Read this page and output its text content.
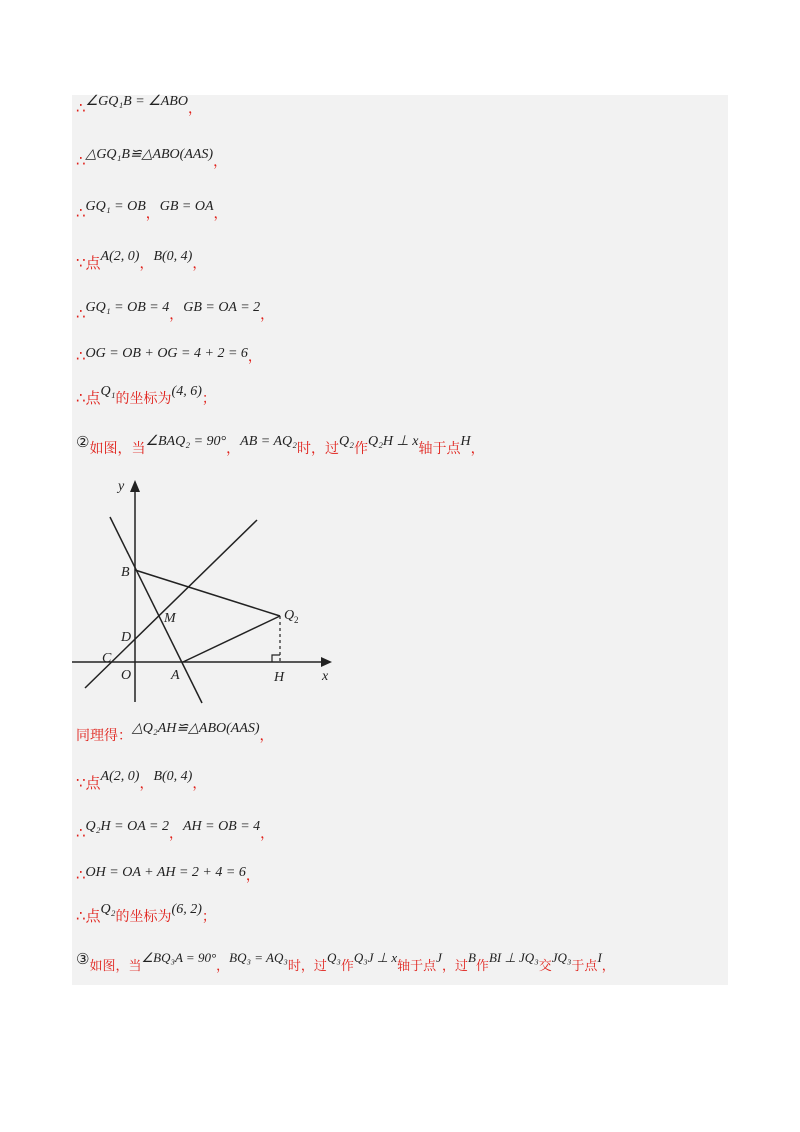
∴∠GQ₁B = ∠ABO，
∴△GQ₁B≌△ABO(AAS)，
∴GQ₁ = OB，GB = OA，
∵点A(2, 0)，B(0, 4)，
∴GQ₁ = OB = 4，GB = OA = 2，
∴OG = OB + OG = 4 + 2 = 6，
∴点Q₁的坐标为(4, 6)；
②如图，当∠BAQ₂ = 90°，AB = AQ₂时，过Q₂作Q₂H ⊥ x轴于点H，
y
x
B
M	Q 2
D
C
O	A	H
同理得：△Q₂AH≌△ABO(AAS)，
∵点A(2, 0)，B(0, 4)，
∴Q₂H = OA = 2，AH = OB = 4，
∴OH = OA + AH = 2 + 4 = 6，
∴点Q₂的坐标为(6, 2)；
③如图，当∠BQ₃A = 90°，BQ₃ = AQ₃时，过Q₃作Q₃J ⊥ x轴于点J，过B作BI ⊥ JQ₃交JQ₃于点I，
